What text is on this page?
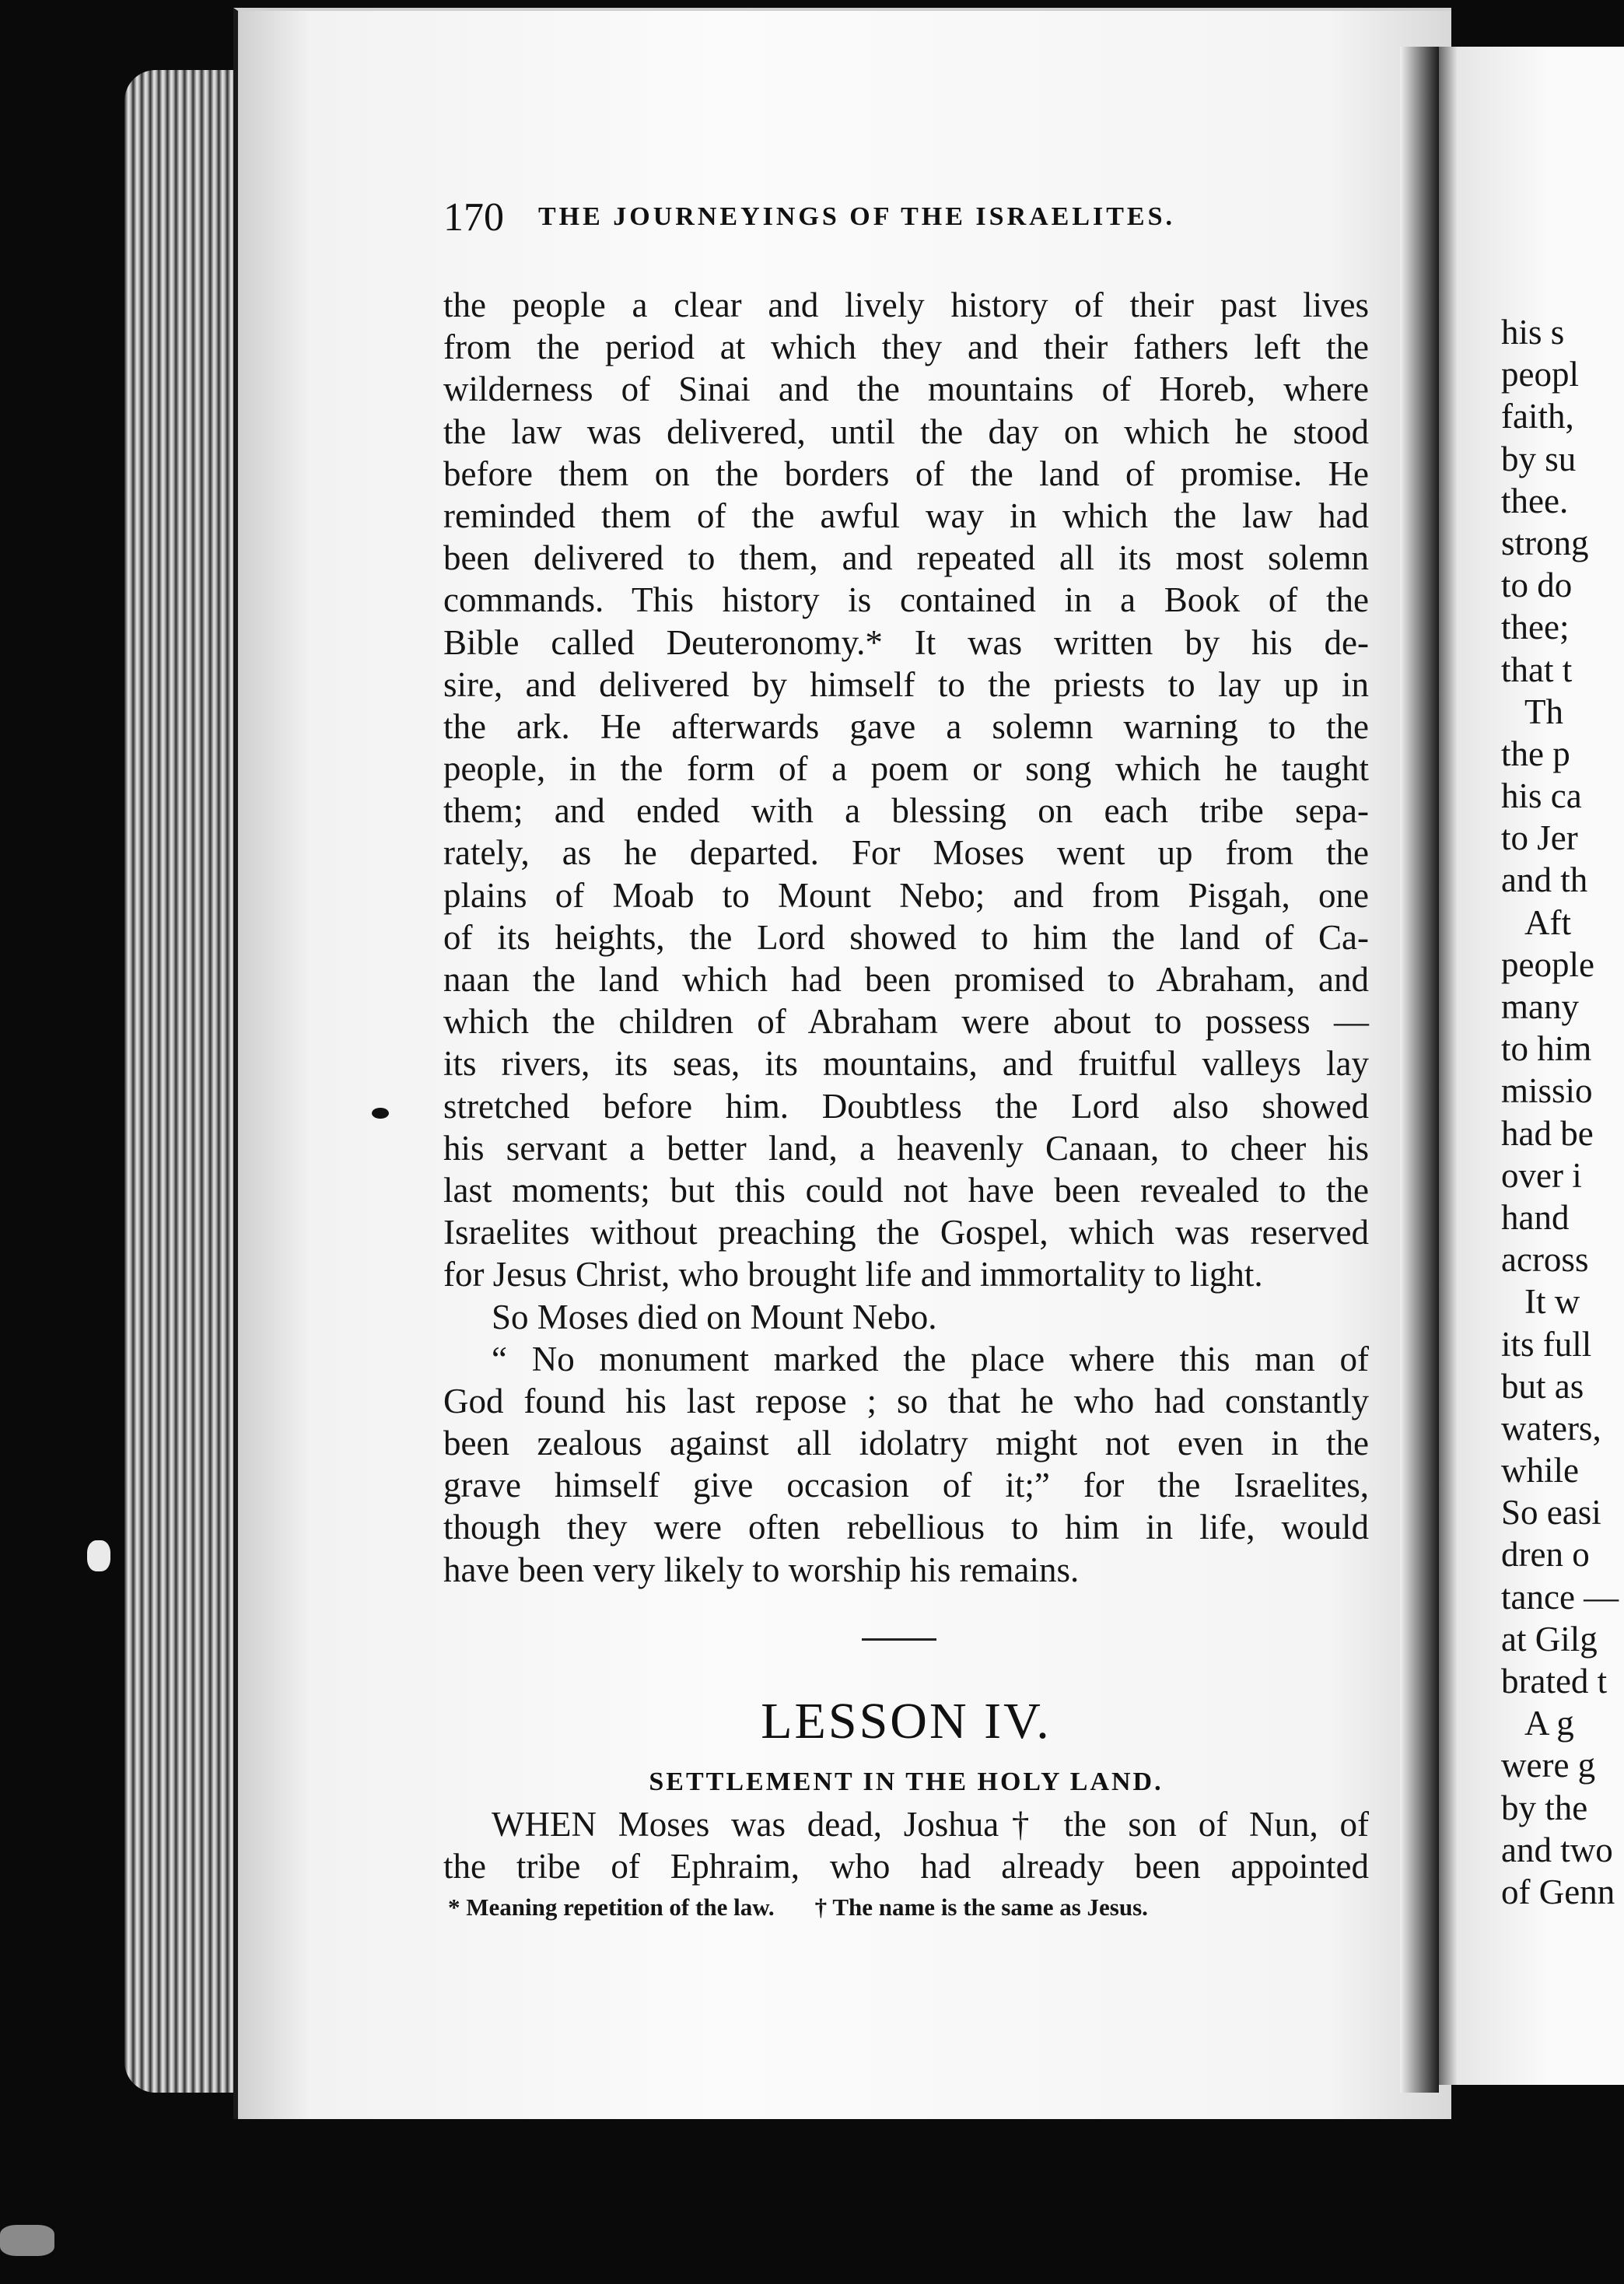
170 THE JOURNEYINGS OF THE ISRAELITES.
the people a clear and lively history of their past lives
from the period at which they and their fathers left the
wilderness of Sinai and the mountains of Horeb, where
the law was delivered, until the day on which he stood
before them on the borders of the land of promise. He
reminded them of the awful way in which the law had
been delivered to them, and repeated all its most solemn
commands. This history is contained in a Book of the
Bible called Deuteronomy.* It was written by his de-
sire, and delivered by himself to the priests to lay up in
the ark. He afterwards gave a solemn warning to the
people, in the form of a poem or song which he taught
them; and ended with a blessing on each tribe sepa-
rately, as he departed. For Moses went up from the
plains of Moab to Mount Nebo; and from Pisgah, one
of its heights, the Lord showed to him the land of Ca-
naan the land which had been promised to Abraham, and
which the children of Abraham were about to possess —
its rivers, its seas, its mountains, and fruitful valleys lay
stretched before him. Doubtless the Lord also showed
his servant a better land, a heavenly Canaan, to cheer his
last moments; but this could not have been revealed to the
Israelites without preaching the Gospel, which was reserved
for Jesus Christ, who brought life and immortality to light.
So Moses died on Mount Nebo.
“ No monument marked the place where this man of
God found his last repose ; so that he who had constantly
been zealous against all idolatry might not even in the
grave himself give occasion of it;” for the Israelites,
though they were often rebellious to him in life, would
have been very likely to worship his remains.
LESSON IV.
SETTLEMENT IN THE HOLY LAND.
WHEN Moses was dead, Joshua† the son of Nun, of
the tribe of Ephraim, who had already been appointed
* Meaning repetition of the law. † The name is the same as Jesus.
his s
peopl
faith,
by su
thee.
strong
to do
thee;
that t
Th
the p
his ca
to Jer
and th
Aft
people
many
to him
missio
had be
over i
hand
across
It w
its full
but as
waters,
while
So easi
dren o
tance —
at Gilg
brated t
A g
were g
by the
and two
of Genn
